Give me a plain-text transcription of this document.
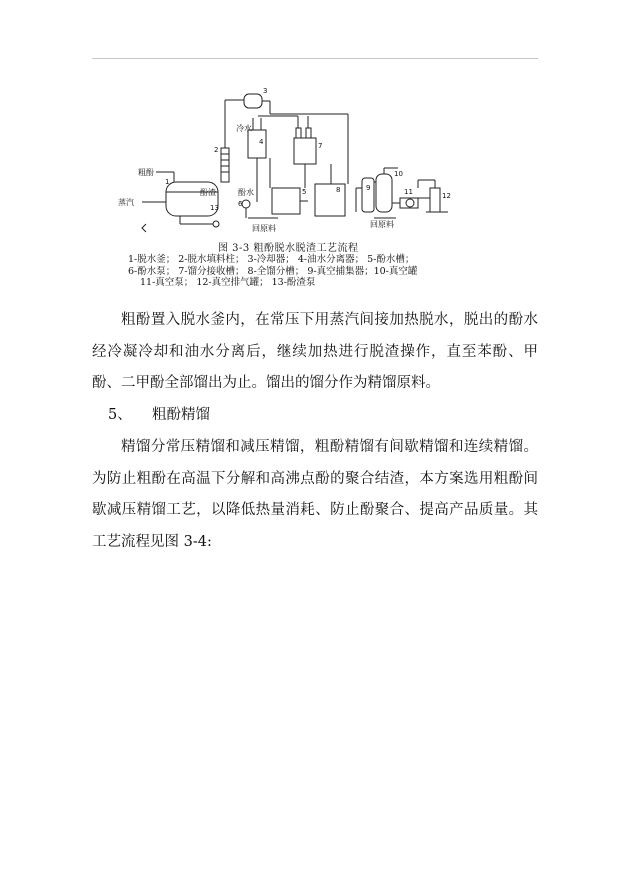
粗酚
蒸汽
冷水
酚渣	酚水
回原料	回原料
1
2
3
4
5
6
7
8	9
10
11	12
13
图 3-3 粗酚脱水脱渣工艺流程
1-脱水釜； 2-脱水填料柱； 3-冷却器； 4-油水分离器； 5-酚水槽；
6-酚水泵； 7-馏分接收槽； 8-全馏分槽； 9-真空捕集器；10-真空罐
11-真空泵； 12-真空排气罐； 13-酚渣泵

粗酚置入脱水釜内，在常压下用蒸汽间接加热脱水，脱出的酚水经冷凝冷却和油水分离后，继续加热进行脱渣操作，直至苯酚、甲酚、二甲酚全部馏出为止。馏出的馏分作为精馏原料。

5、 粗酚精馏

精馏分常压精馏和减压精馏，粗酚精馏有间歇精馏和连续精馏。为防止粗酚在高温下分解和高沸点酚的聚合结渣，本方案选用粗酚间歇减压精馏工艺，以降低热量消耗、防止酚聚合、提高产品质量。其工艺流程见图 3-4:
